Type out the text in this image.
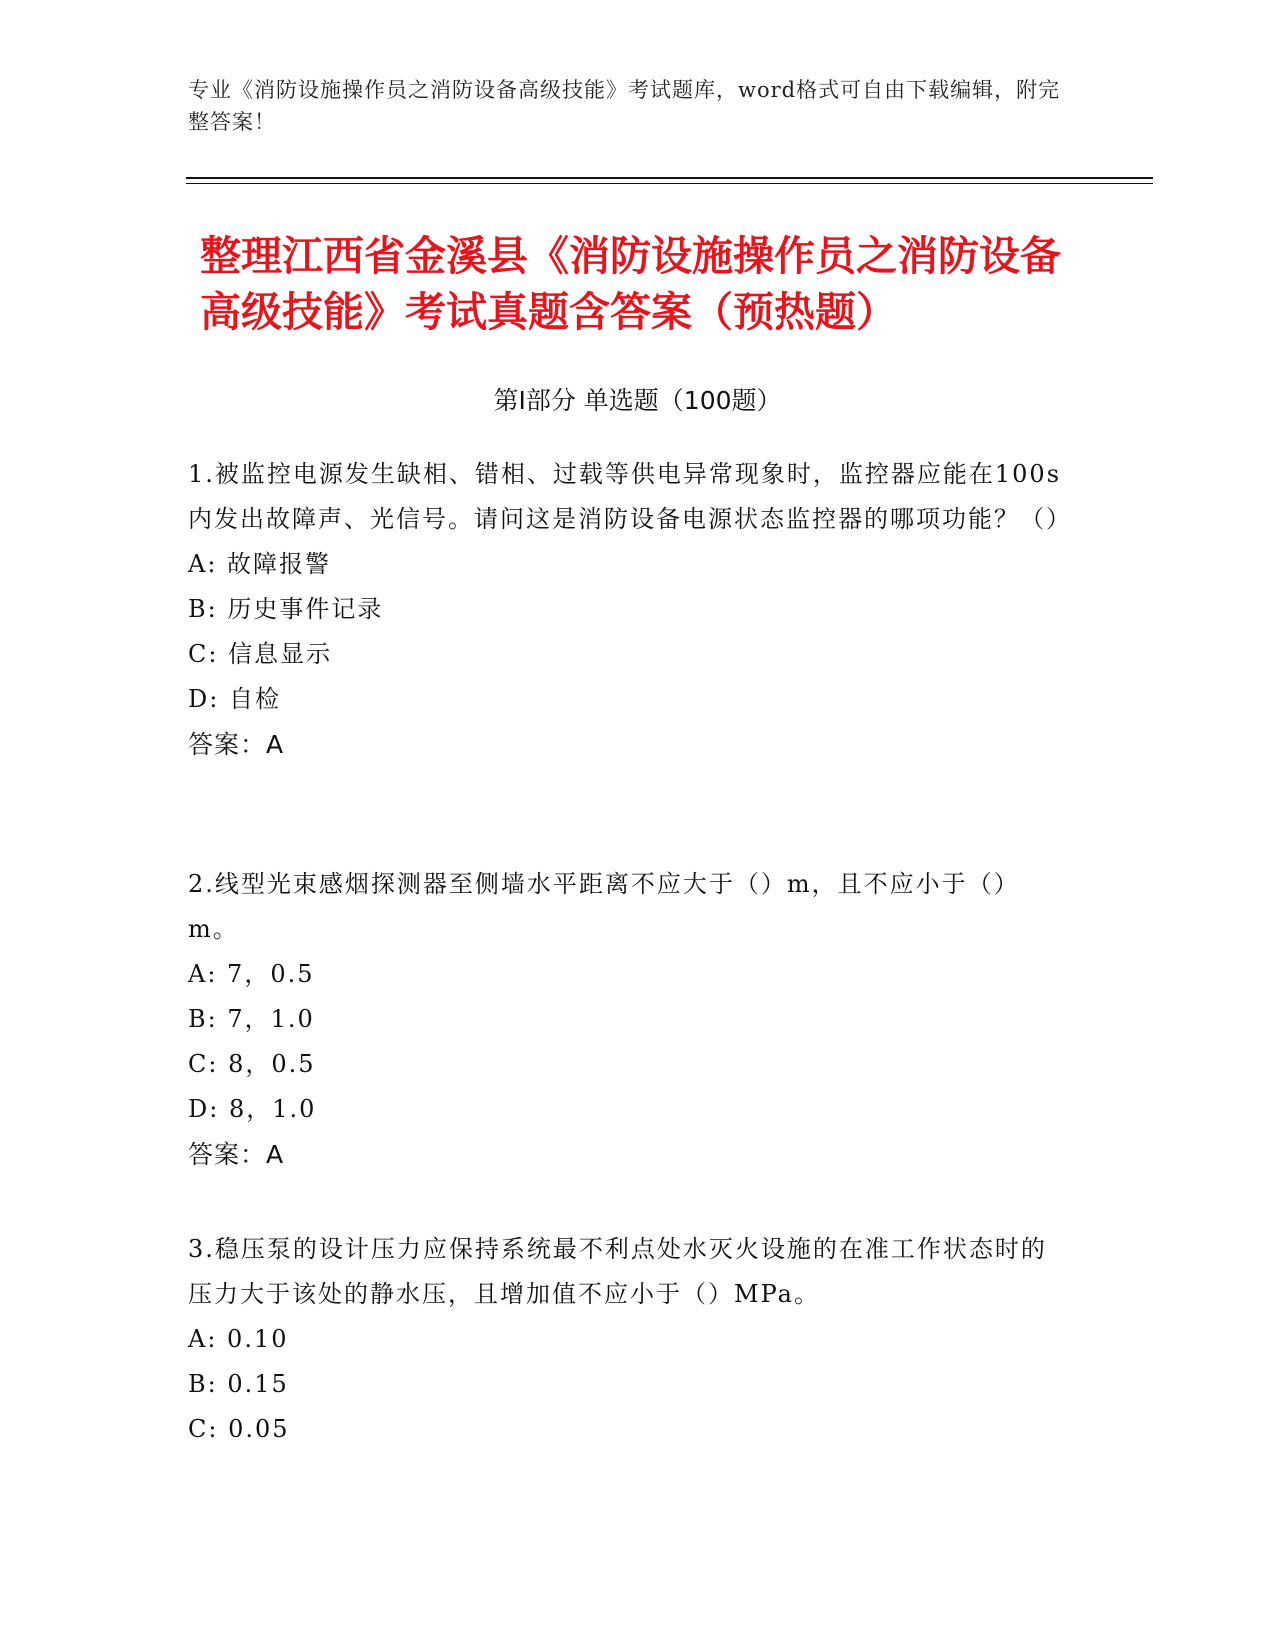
专业《消防设施操作员之消防设备高级技能》考试题库，word格式可自由下载编辑，附完整答案！
整理江西省金溪县《消防设施操作员之消防设备高级技能》考试真题含答案（预热题）
第Ⅰ部分 单选题（100题）
1.被监控电源发生缺相、错相、过载等供电异常现象时，监控器应能在100s内发出故障声、光信号。请问这是消防设备电源状态监控器的哪项功能？（）
A: 故障报警
B: 历史事件记录
C: 信息显示
D: 自检
答案：A
2.线型光束感烟探测器至侧墙水平距离不应大于（）m，且不应小于（）m。
A: 7，0.5
B: 7，1.0
C: 8，0.5
D: 8，1.0
答案：A
3.稳压泵的设计压力应保持系统最不利点处水灭火设施的在准工作状态时的压力大于该处的静水压，且增加值不应小于（）MPa。
A: 0.10
B: 0.15
C: 0.05
